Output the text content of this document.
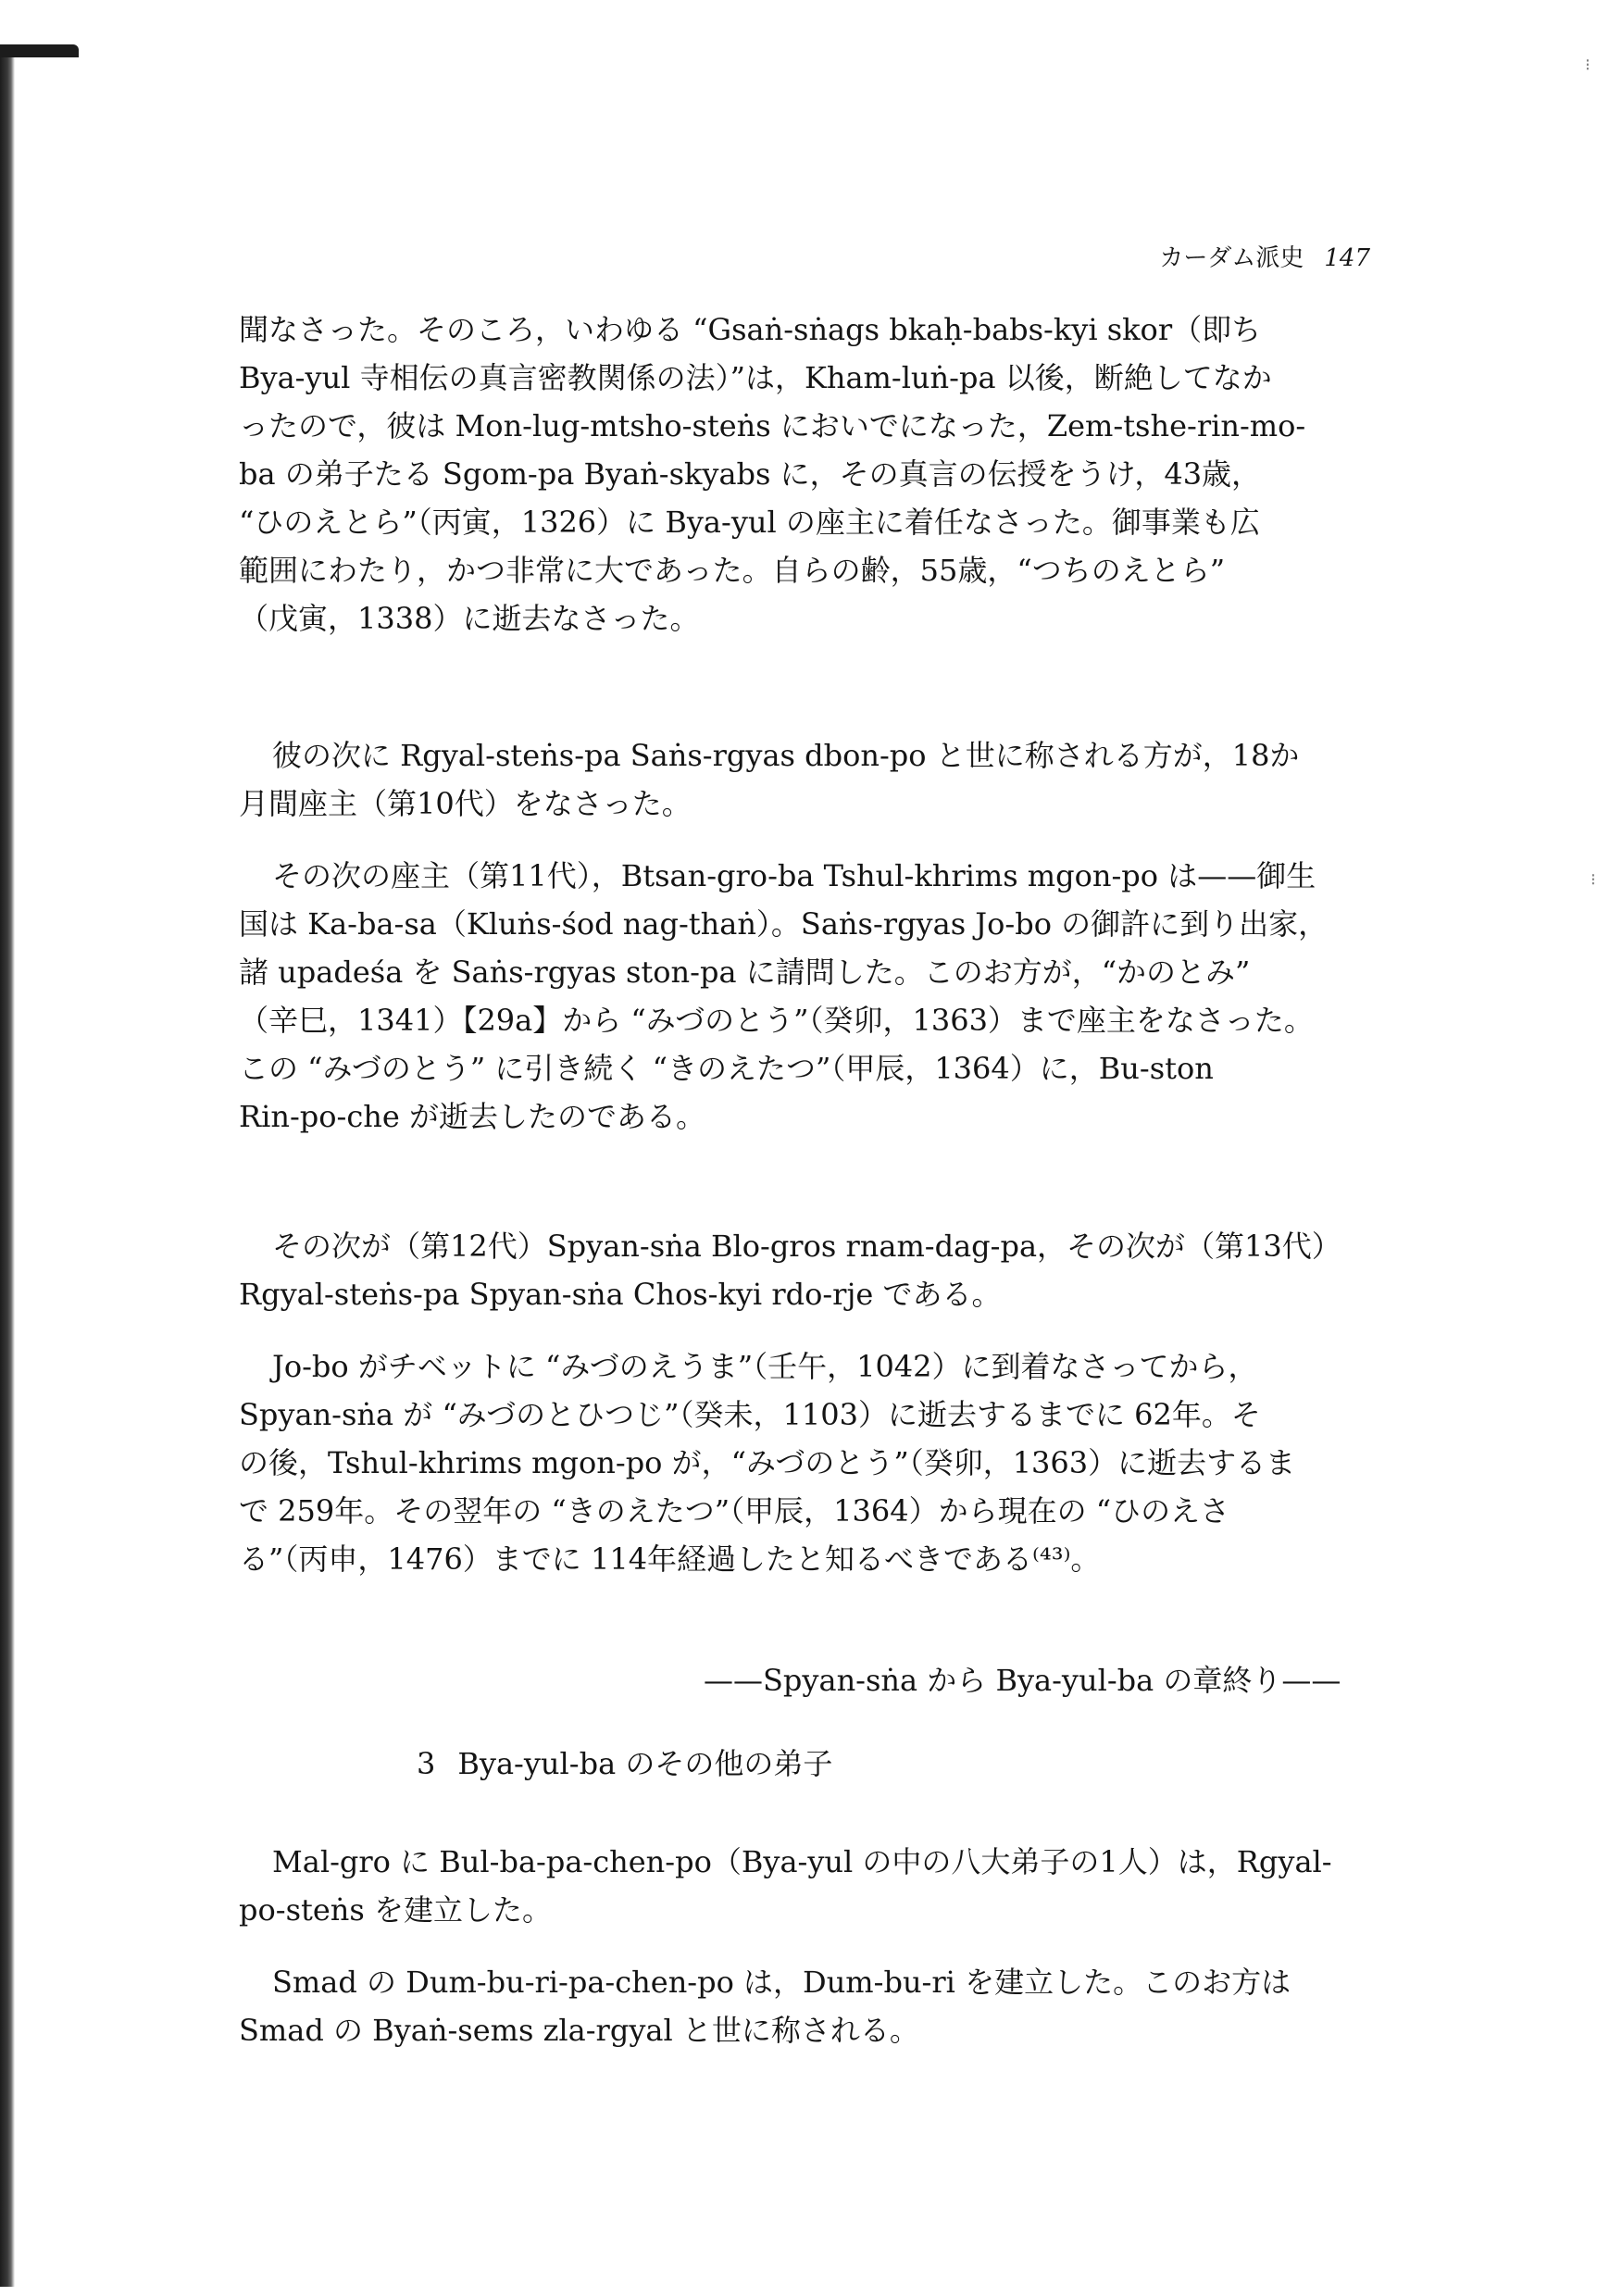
⁝
⁝
カーダム派史 147
聞なさった。そのころ，いわゆる “Gsaṅ-sṅags bkaḥ-babs-kyi skor（即ち
Bya-yul 寺相伝の真言密教関係の法）”は，Kham-luṅ-pa 以後，断絶してなか
ったので，彼は Mon-lug-mtsho-steṅs においでになった，Zem-tshe-rin-mo-
ba の弟子たる Sgom-pa Byaṅ-skyabs に，その真言の伝授をうけ，43歳，
“ひのえとら”（丙寅，1326）に Bya-yul の座主に着任なさった。御事業も広
範囲にわたり，かつ非常に大であった。自らの齢，55歳，“つちのえとら”
（戊寅，1338）に逝去なさった。
彼の次に Rgyal-steṅs-pa Saṅs-rgyas dbon-po と世に称される方が，18か
月間座主（第10代）をなさった。
その次の座主（第11代），Btsan-gro-ba Tshul-khrims mgon-po は——御生
国は Ka-ba-sa（Kluṅs-śod nag-thaṅ）。Saṅs-rgyas Jo-bo の御許に到り出家，
諸 upadeśa を Saṅs-rgyas ston-pa に請問した。このお方が，“かのとみ”
（辛巳，1341）【29a】から “みづのとう”（癸卯，1363）まで座主をなさった。
この “みづのとう” に引き続く “きのえたつ”（甲辰，1364）に，Bu-ston
Rin-po-che が逝去したのである。
その次が（第12代）Spyan-sṅa Blo-gros rnam-dag-pa，その次が（第13代）
Rgyal-steṅs-pa Spyan-sṅa Chos-kyi rdo-rje である。
Jo-bo がチベットに “みづのえうま”（壬午，1042）に到着なさってから，
Spyan-sṅa が “みづのとひつじ”（癸未，1103）に逝去するまでに 62年。そ
の後，Tshul-khrims mgon-po が，“みづのとう”（癸卯，1363）に逝去するま
で 259年。その翌年の “きのえたつ”（甲辰，1364）から現在の “ひのえさ
る”（丙申，1476）までに 114年経過したと知るべきである⁽⁴³⁾。
——Spyan-sṅa から Bya-yul-ba の章終り——
3 Bya-yul-ba のその他の弟子
Mal-gro に Bul-ba-pa-chen-po（Bya-yul の中の八大弟子の1人）は，Rgyal-
po-steṅs を建立した。
Smad の Dum-bu-ri-pa-chen-po は，Dum-bu-ri を建立した。このお方は
Smad の Byaṅ-sems zla-rgyal と世に称される。
